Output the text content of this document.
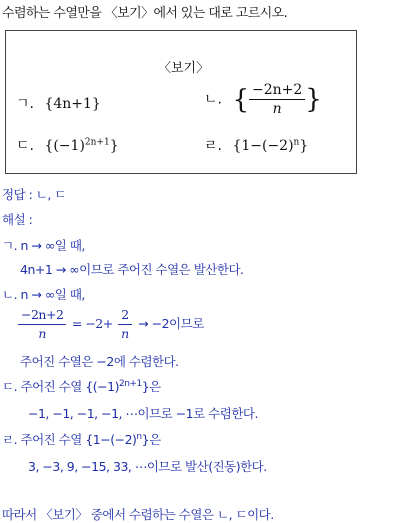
수렴하는 수열만을 〈보기〉에서 있는 대로 고르시오.
〈보기〉
ㄱ. {4n+1}	ㄴ. { $\frac{-2n+2}{n}$ }
ㄷ. $\{(-1)^{2n+1}\}$	ㄹ. $\{1-(-2)^n\}$
정답 : ㄴ, ㄷ
해설 :
ㄱ. n → ∞일 때,
4n+1 → ∞이므로 주어진 수열은 발산한다.
ㄴ. n → ∞일 때,
$\frac{-2n+2}{n} = -2+ \frac{2}{n} \to -2$이므로
주어진 수열은 −2에 수렴한다.
ㄷ. 주어진 수열 $\{(-1)^{2n+1}\}$은
−1, −1, −1, −1, ⋯이므로 −1로 수렴한다.
ㄹ. 주어진 수열 $\{1-(-2)^n\}$은
3, −3, 9, −15, 33, ⋯이므로 발산(진동)한다.
따라서 〈보기〉 중에서 수렴하는 수열은 ㄴ, ㄷ이다.
